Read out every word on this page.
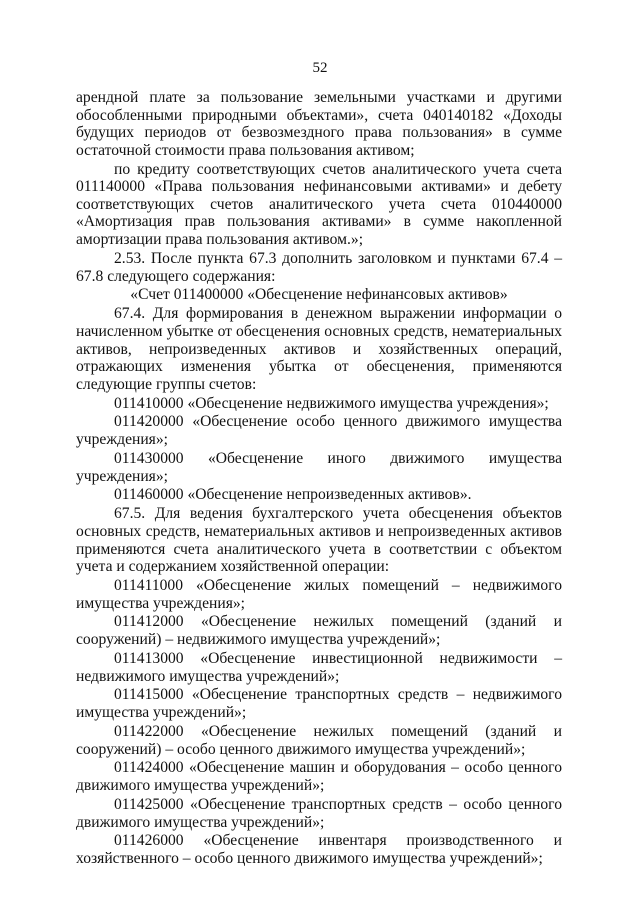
52

арендной плате за пользование земельными участками и другими обособленными природными объектами», счета 040140182 «Доходы будущих периодов от безвозмездного права пользования» в сумме остаточной стоимости права пользования активом;

по кредиту соответствующих счетов аналитического учета счета 011140000 «Права пользования нефинансовыми активами» и дебету соответствующих счетов аналитического учета счета 010440000 «Амортизация прав пользования активами» в сумме накопленной амортизации права пользования активом.»;

2.53. После пункта 67.3 дополнить заголовком и пунктами 67.4 – 67.8 следующего содержания:

«Счет 011400000 «Обесценение нефинансовых активов»

67.4. Для формирования в денежном выражении информации о начисленном убытке от обесценения основных средств, нематериальных активов, непроизведенных активов и хозяйственных операций, отражающих изменения убытка от обесценения, применяются следующие группы счетов:

011410000 «Обесценение недвижимого имущества учреждения»;

011420000 «Обесценение особо ценного движимого имущества учреждения»;

011430000 «Обесценение иного движимого имущества учреждения»;

011460000 «Обесценение непроизведенных активов».

67.5. Для ведения бухгалтерского учета обесценения объектов основных средств, нематериальных активов и непроизведенных активов применяются счета аналитического учета в соответствии с объектом учета и содержанием хозяйственной операции:

011411000 «Обесценение жилых помещений – недвижимого имущества учреждения»;

011412000 «Обесценение нежилых помещений (зданий и сооружений) – недвижимого имущества учреждений»;

011413000 «Обесценение инвестиционной недвижимости – недвижимого имущества учреждений»;

011415000 «Обесценение транспортных средств – недвижимого имущества учреждений»;

011422000 «Обесценение нежилых помещений (зданий и сооружений) – особо ценного движимого имущества учреждений»;

011424000 «Обесценение машин и оборудования – особо ценного движимого имущества учреждений»;

011425000 «Обесценение транспортных средств – особо ценного движимого имущества учреждений»;

011426000 «Обесценение инвентаря производственного и хозяйственного – особо ценного движимого имущества учреждений»;
